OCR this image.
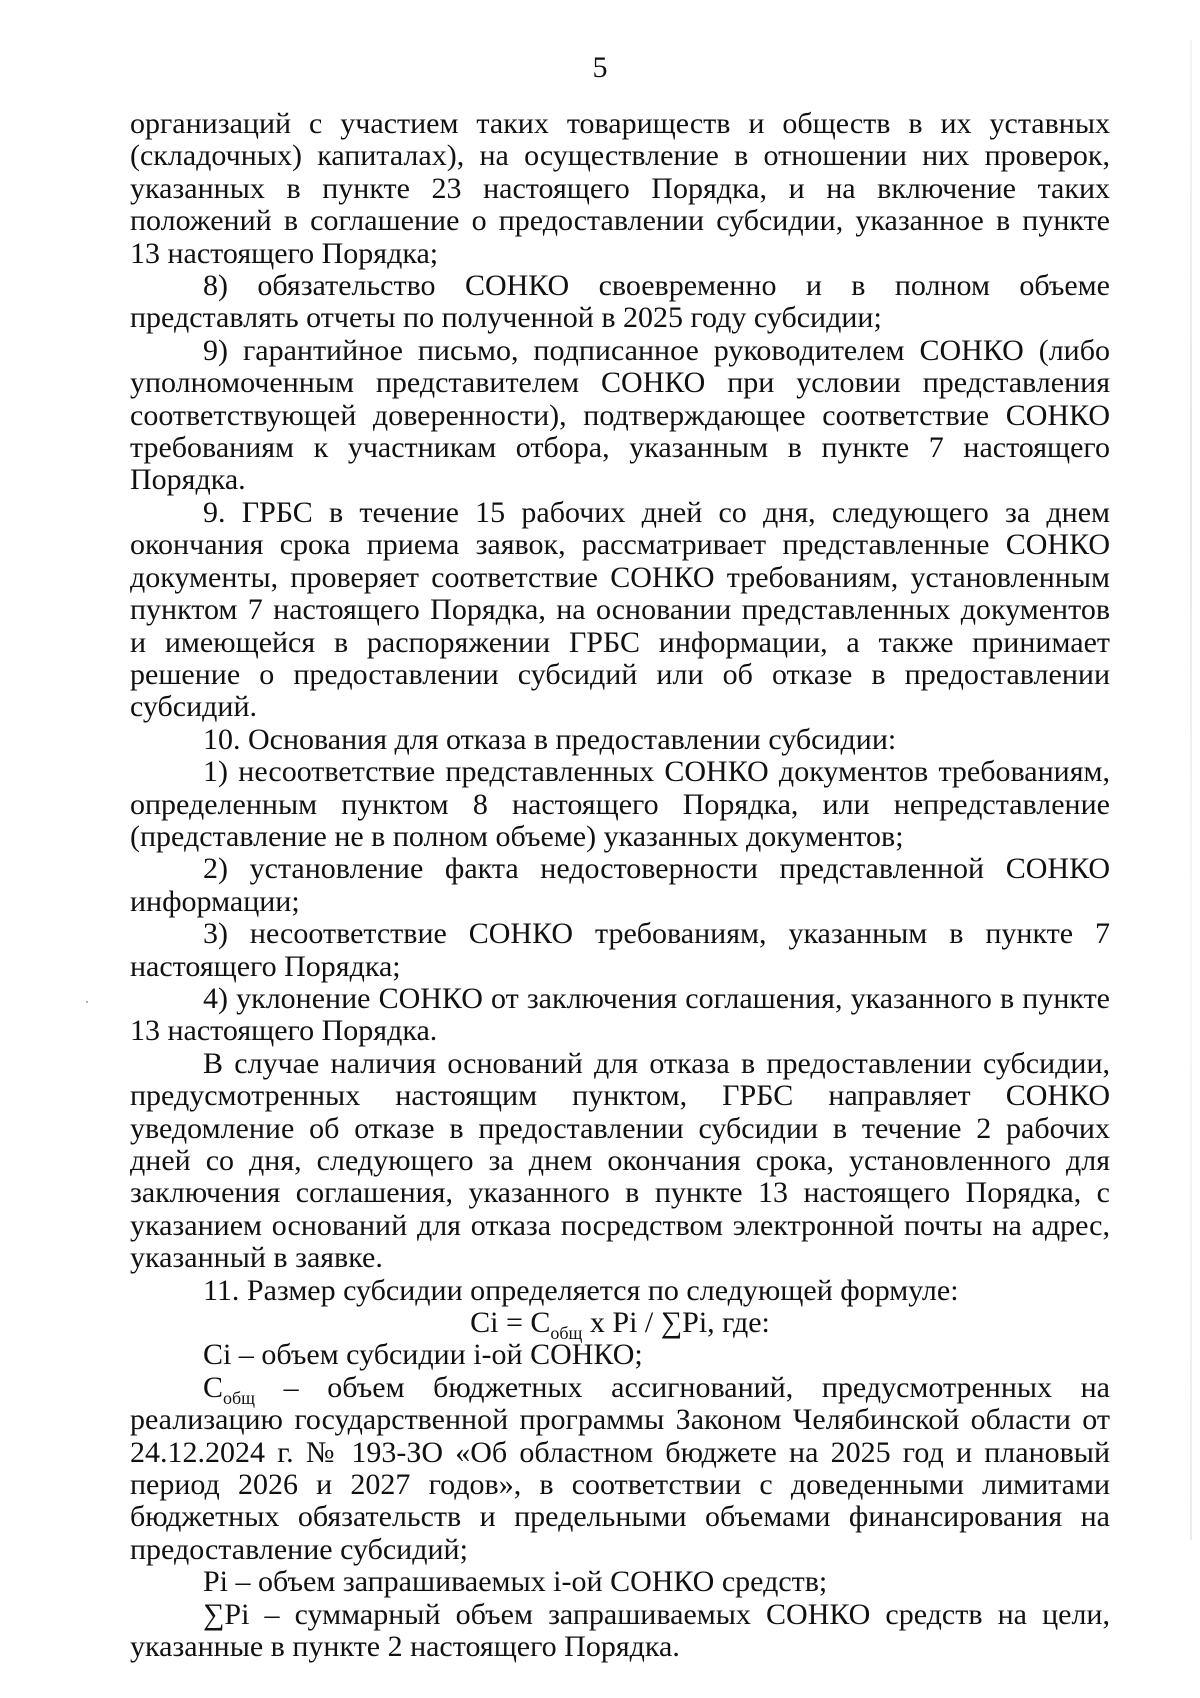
5

организаций с участием таких товариществ и обществ в их уставных (складочных) капиталах), на осуществление в отношении них проверок, указанных в пункте 23 настоящего Порядка, и на включение таких положений в соглашение о предоставлении субсидии, указанное в пункте 13 настоящего Порядка;

8) обязательство СОНКО своевременно и в полном объеме представлять отчеты по полученной в 2025 году субсидии;

9) гарантийное письмо, подписанное руководителем СОНКО (либо уполномоченным представителем СОНКО при условии представления соответствующей доверенности), подтверждающее соответствие СОНКО требованиям к участникам отбора, указанным в пункте 7 настоящего Порядка.

9. ГРБС в течение 15 рабочих дней со дня, следующего за днем окончания срока приема заявок, рассматривает представленные СОНКО документы, проверяет соответствие СОНКО требованиям, установленным пунктом 7 настоящего Порядка, на основании представленных документов и имеющейся в распоряжении ГРБС информации, а также принимает решение о предоставлении субсидий или об отказе в предоставлении субсидий.

10. Основания для отказа в предоставлении субсидии:

1) несоответствие представленных СОНКО документов требованиям, определенным пунктом 8 настоящего Порядка, или непредставление (представление не в полном объеме) указанных документов;

2) установление факта недостоверности представленной СОНКО информации;

3) несоответствие СОНКО требованиям, указанным в пункте 7 настоящего Порядка;

4) уклонение СОНКО от заключения соглашения, указанного в пункте 13 настоящего Порядка.

В случае наличия оснований для отказа в предоставлении субсидии, предусмотренных настоящим пунктом, ГРБС направляет СОНКО уведомление об отказе в предоставлении субсидии в течение 2 рабочих дней со дня, следующего за днем окончания срока, установленного для заключения соглашения, указанного в пункте 13 настоящего Порядка, с указанием оснований для отказа посредством электронной почты на адрес, указанный в заявке.

11. Размер субсидии определяется по следующей формуле:

$Ci = C_{общ}$ x Pi / ∑Pi, где:

Ci – объем субсидии i-ой СОНКО;

$C_{общ}$ – объем бюджетных ассигнований, предусмотренных на реализацию государственной программы Законом Челябинской области от 24.12.2024 г. № 193-ЗО «Об областном бюджете на 2025 год и плановый период 2026 и 2027 годов», в соответствии с доведенными лимитами бюджетных обязательств и предельными объемами финансирования на предоставление субсидий;

Pi – объем запрашиваемых i-ой СОНКО средств;

∑Pi – суммарный объем запрашиваемых СОНКО средств на цели, указанные в пункте 2 настоящего Порядка.
